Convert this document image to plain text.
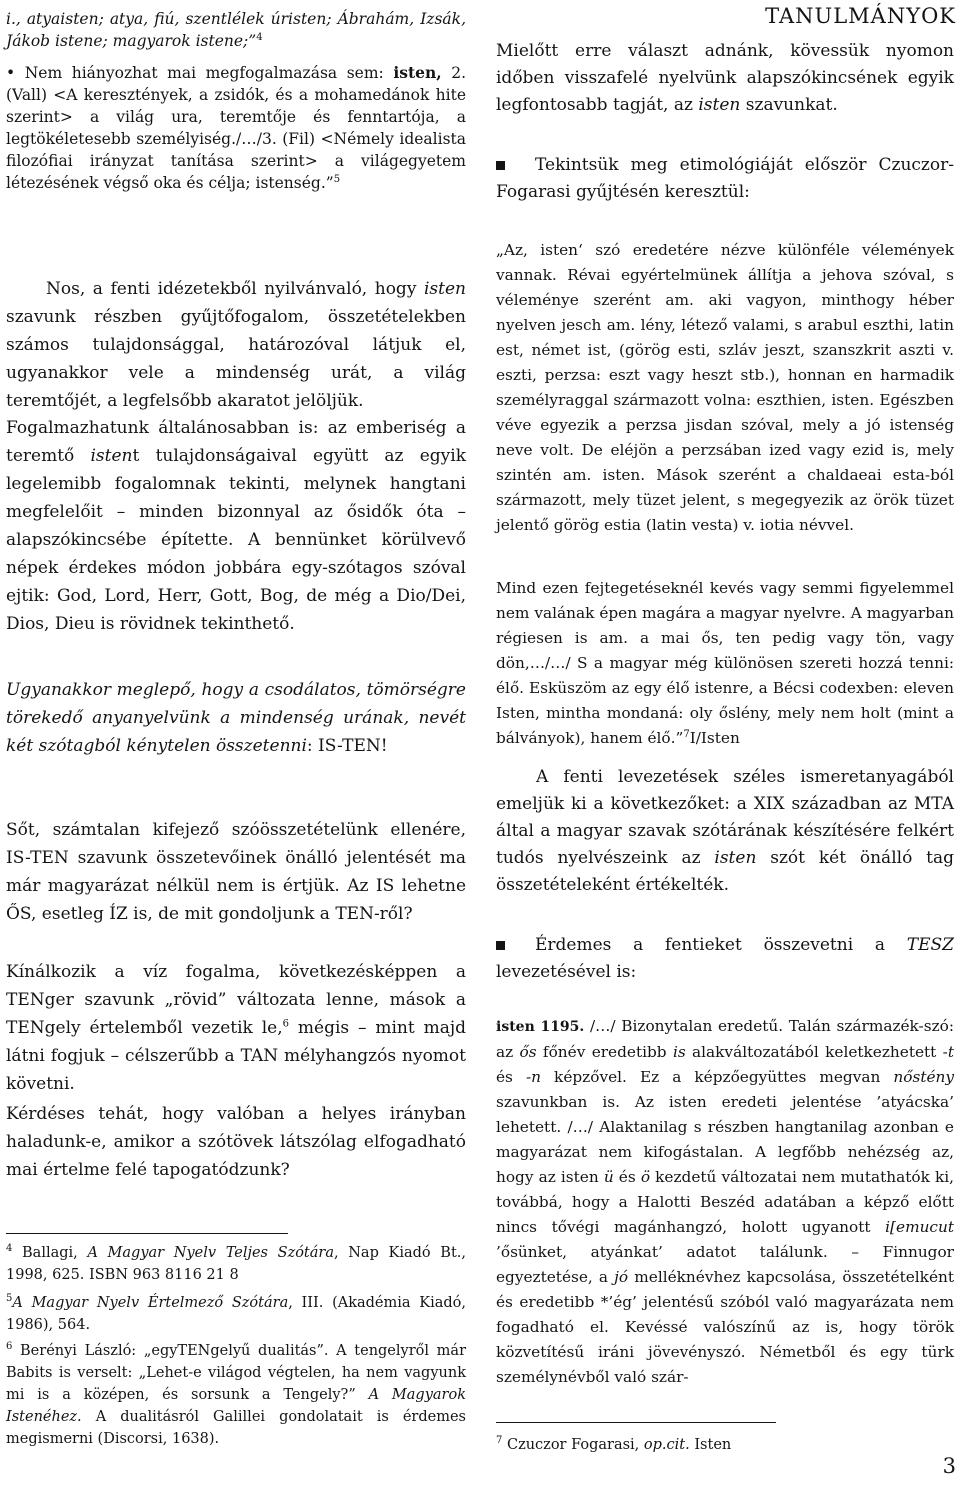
TANULMÁNYOK

i., atyaisten; atya, fiú, szentlélek úristen; Ábrahám, Izsák, Jákob istene; magyarok istene;”$^4$

• Nem hiányozhat mai megfogalmazása sem: isten, 2. (Vall) <A keresztények, a zsidók, és a mohamedánok hite szerint> a világ ura, teremtője és fenntartója, a legtökéletesebb személyiség./…/3. (Fil) <Némely idealista filozófiai irányzat tanítása szerint> a világegyetem létezésének végső oka és célja; istenség.”$^5$

Nos, a fenti idézetekből nyilvánvaló, hogy isten szavunk részben gyűjtőfogalom, összetételekben számos tulajdonsággal, határozóval látjuk el, ugyanakkor vele a mindenség urát, a világ teremtőjét, a legfelsőbb akaratot jelöljük.

Fogalmazhatunk általánosabban is: az emberiség a teremtő istent tulajdonságaival együtt az egyik legelemibb fogalomnak tekinti, melynek hangtani megfelelőit – minden bizonnyal az ősidők óta – alapszókincsébe építette. A bennünket körülvevő népek érdekes módon jobbára egy-szótagos szóval ejtik: God, Lord, Herr, Gott, Bog, de még a Dio/Dei, Dios, Dieu is rövidnek tekinthető.

Ugyanakkor meglepő, hogy a csodálatos, tömörségre törekedő anyanyelvünk a mindenség urának, nevét két szótagból kénytelen összetenni: IS-TEN!

Sőt, számtalan kifejező szóösszetételünk ellenére, IS-TEN szavunk összetevőinek önálló jelentését ma már magyarázat nélkül nem is értjük. Az IS lehetne ŐS, esetleg ÍZ is, de mit gondoljunk a TEN-ről?

Kínálkozik a víz fogalma, következésképpen a TENger szavunk „rövid” változata lenne, mások a TENgely értelemből vezetik le,$^6$ mégis – mint majd látni fogjuk – célszerűbb a TAN mélyhangzós nyomot követni.

Kérdéses tehát, hogy valóban a helyes irányban haladunk-e, amikor a szótövek látszólag elfogadható mai értelme felé tapogatódzunk?

$^4$ Ballagi, A Magyar Nyelv Teljes Szótára, Nap Kiadó Bt., 1998, 625. ISBN 963 8116 21 8

$^5$A Magyar Nyelv Értelmező Szótára, III. (Akadémia Kiadó, 1986), 564.

$^6$ Berényi László: „egyTENgelyű dualitás”. A tengelyről már Babits is verselt: „Lehet-e világod végtelen, ha nem vagyunk mi is a középen, és sorsunk a Tengely?” A Magyarok Istenéhez. A dualitásról Galillei gondolatait is érdemes megismerni (Discorsi, 1638).

Mielőtt erre választ adnánk, kövessük nyomon időben visszafelé nyelvünk alapszókincsének egyik legfontosabb tagját, az isten szavunkat.

Tekintsük meg etimológiáját először Czuczor-Fogarasi gyűjtésén keresztül:

„Az, isten‘ szó eredetére nézve különféle vélemények vannak. Révai egyértelmünek állítja a jehova szóval, s véleménye szerént am. aki vagyon, minthogy héber nyelven jesch am. lény, létező valami, s arabul eszthi, latin est, német ist, (görög esti, szláv jeszt, szanszkrit aszti v. eszti, perzsa: eszt vagy heszt stb.), honnan en harmadik személyraggal származott volna: eszthien, isten. Egészben véve egyezik a perzsa jisdan szóval, mely a jó istenség neve volt. De eléjön a perzsában ized vagy ezid is, mely szintén am. isten. Mások szerént a chaldaeai esta-ból származott, mely tüzet jelent, s megegyezik az örök tüzet jelentő görög estia (latin vesta) v. iotia névvel.

Mind ezen fejtegetéseknél kevés vagy semmi figyelemmel nem valának épen magára a magyar nyelvre. A magyarban régiesen is am. a mai ős, ten pedig vagy tön, vagy dön,…/…/ S a magyar még különösen szereti hozzá tenni: élő. Esküszöm az egy élő istenre, a Bécsi codexben: eleven Isten, mintha mondaná: oly őslény, mely nem holt (mint a bálványok), hanem élő.”$^7$I/Isten

A fenti levezetések széles ismeretanyagából emeljük ki a következőket: a XIX században az MTA által a magyar szavak szótárának készítésére felkért tudós nyelvészeink az isten szót két önálló tag összetételeként értékelték.

Érdemes a fentieket összevetni a TESZ levezetésével is:

isten 1195. /…/ Bizonytalan eredetű. Talán származék-szó: az ős főnév eredetibb is alakváltozatából keletkezhetett -t és -n képzővel. Ez a képzőegyüttes megvan nőstény szavunkban is. Az isten eredeti jelentése ’atyácska’ lehetett. /…/ Alaktanilag s részben hangtanilag azonban e magyarázat nem kifogástalan. A legfőbb nehézség az, hogy az isten ü és ö kezdetű változatai nem mutathatók ki, továbbá, hogy a Halotti Beszéd adatában a képző előtt nincs tővégi magánhangzó, holott ugyanott i[emucut ’ősünket, atyánkat’ adatot találunk. – Finnugor egyeztetése, a jó melléknévhez kapcsolása, összetételként és eredetibb *’ég’ jelentésű szóból való magyarázata nem fogadható el. Kevéssé valószínű az is, hogy török közvetítésű iráni jövevényszó. Németből és egy türk személynévből való szár-

$^7$ Czuczor Fogarasi, op.cit. Isten

3
